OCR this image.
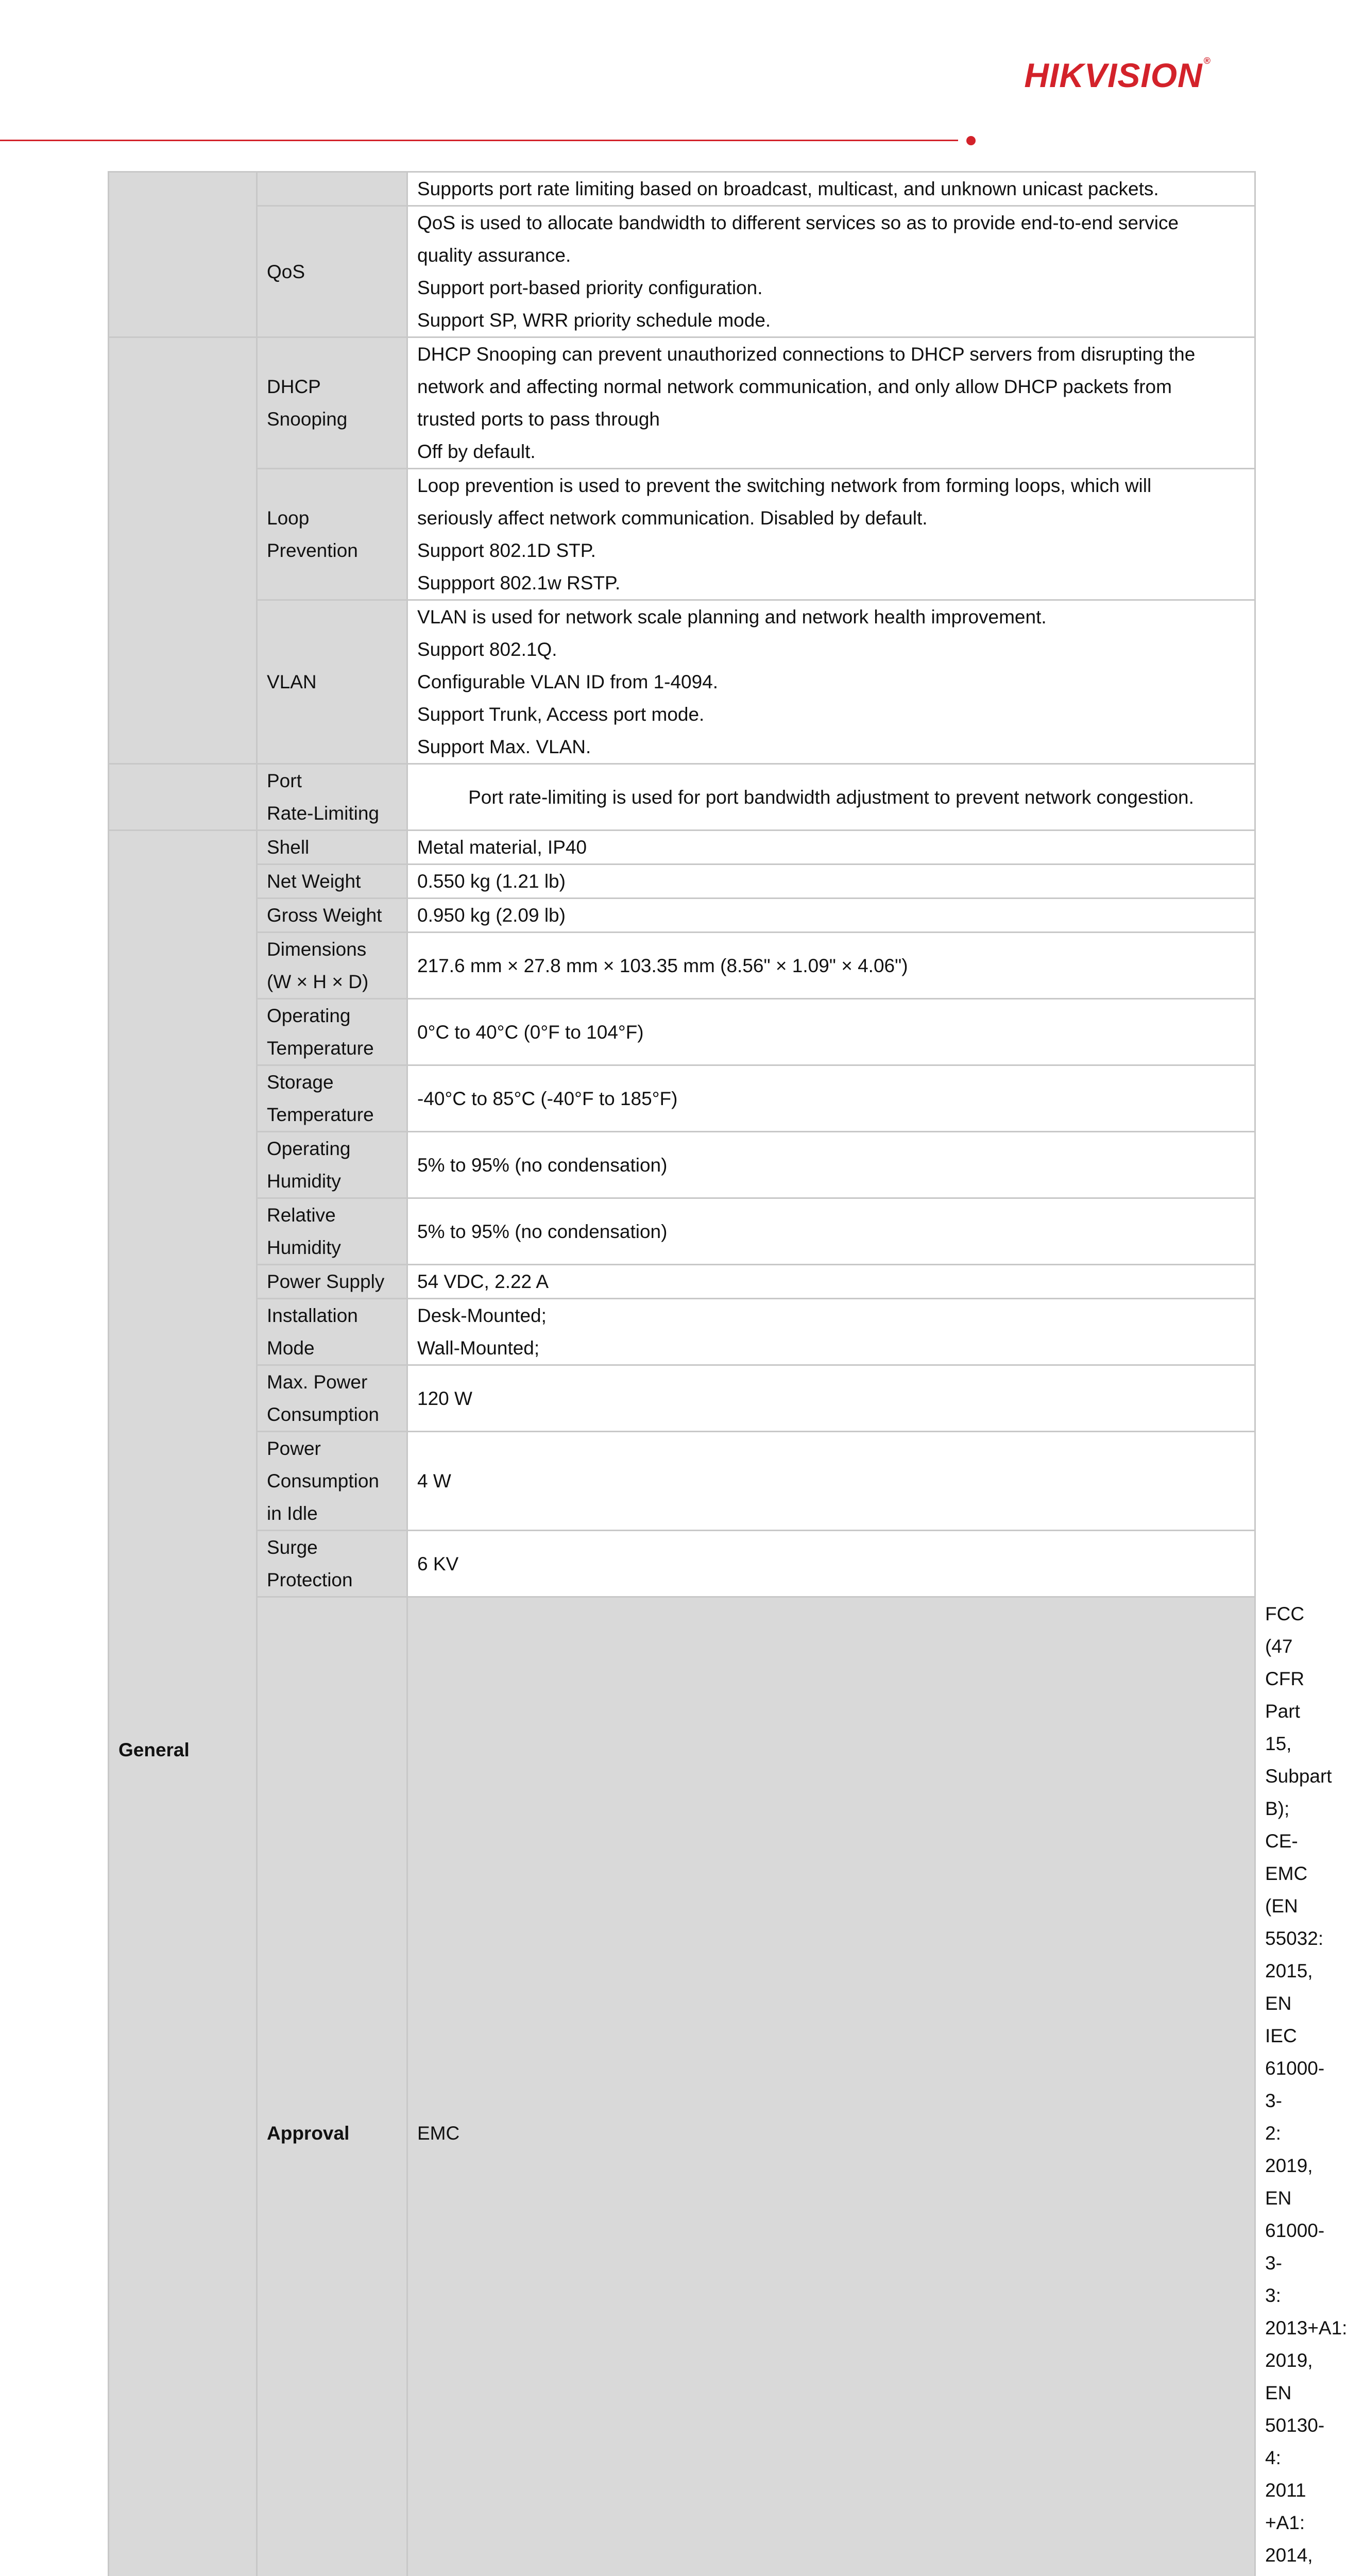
HIKVISION ®
		Supports port rate limiting based on broadcast, multicast, and unknown unicast packets.	
	QoS	QoS is used to allocate bandwidth to different services so as to provide end-to-end service
quality assurance.
Support port-based priority configuration.
Support SP, WRR priority schedule mode.	

	DHCP
Snooping	DHCP Snooping can prevent unauthorized connections to DHCP servers from disrupting the
network and affecting normal network communication, and only allow DHCP packets from
trusted ports to pass through
Off by default.	

	Loop
Prevention	Loop prevention is used to prevent the switching network from forming loops, which will
seriously affect network communication. Disabled by default.
Support 802.1D STP.
Suppport 802.1w RSTP.	

	VLAN	VLAN is used for network scale planning and network health improvement.
Support 802.1Q.
Configurable VLAN ID from 1-4094.
Support Trunk, Access port mode.
Support Max. VLAN.	

	Port
Rate-Limiting	Port rate-limiting is used for port bandwidth adjustment to prevent network congestion.	
General	Shell	Metal material, IP40	
	Net Weight	0.550 kg (1.21 lb)	
	Gross Weight	0.950 kg (2.09 lb)	

	Dimensions
(W × H × D)	217.6 mm × 27.8 mm × 103.35 mm (8.56" × 1.09" × 4.06")	

	Operating
Temperature	0°C to 40°C (0°F to 104°F)	

	Storage
Temperature	-40°C to 85°C (-40°F to 185°F)	

	Operating
Humidity	5% to 95% (no condensation)	

	Relative
Humidity	5% to 95% (no condensation)	
	Power Supply	54 VDC, 2.22 A	

	Installation
Mode	Desk-Mounted;
Wall-Mounted;	

	Max. Power
Consumption	120 W	

	Power
Consumption
in Idle	4 W	

	Surge
Protection	6 KV	
	Approval	EMC	FCC (47 CFR Part 15, Subpart B);
CE-EMC (EN 55032: 2015, EN IEC 61000-3-2: 2019, EN 61000-3-3: 2013+A1: 2019, EN 50130-4:
2011 +A1: 2014,
